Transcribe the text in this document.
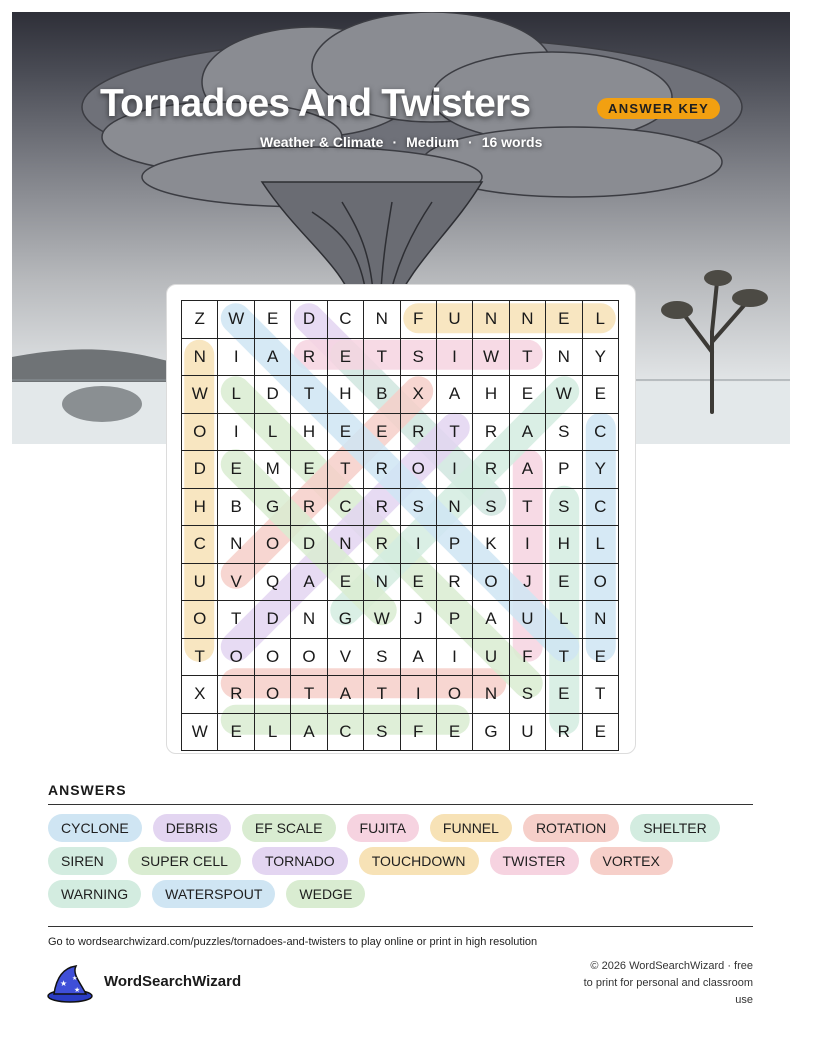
Tornadoes And Twisters	ANSWER KEY
Weather & Climate · Medium · 16 words
Z	W	E	D	C	N	F	U	N	N	E	L
N	I	A	R	E	T	S	I	W	T	N	Y
W	L	D	T	H	B	X	A	H	E	W	E
O	I	L	H	E	E	R	T	R	A	S	C
D	E	M	E	T	R	O	I	R	A	P	Y
H	B	G	R	C	R	S	N	S	T	S	C
C	N	O	D	N	R	I	P	K	I	H	L
U	V	Q	A	E	N	E	R	O	J	E	O
O	T	D	N	G	W	J	P	A	U	L	N
T	O	O	O	V	S	A	I	U	F	T	E
X	R	O	T	A	T	I	O	N	S	E	T
W	E	L	A	C	S	F	E	G	U	R	E
ANSWERS
CYCLONE	DEBRIS	EF SCALE	FUJITA	FUNNEL	ROTATION	SHELTER
SIREN	SUPER CELL	TORNADO	TOUCHDOWN	TWISTER	VORTEX
WARNING	WATERSPOUT	WEDGE
Go to wordsearchwizard.com/puzzles/tornadoes-and-twisters to play online or print in high resolution
★ ★
★
WordSearchWizard
© 2026 WordSearchWizard · free to print for personal and classroom use
